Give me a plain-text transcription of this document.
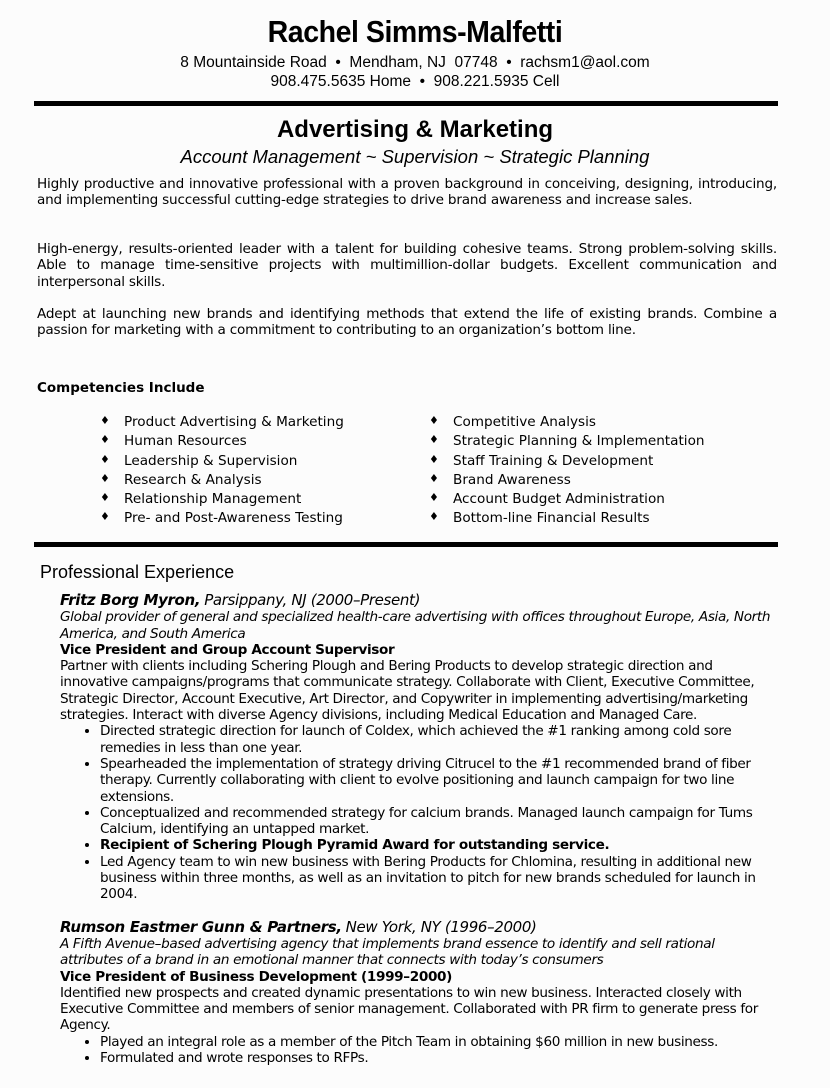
Rachel Simms-Malfetti
8 Mountainside Road  •  Mendham, NJ  07748  •  rachsm1@aol.com
908.475.5635 Home  •  908.221.5935 Cell
Advertising & Marketing
Account Management ~ Supervision ~ Strategic Planning

Highly productive and innovative professional with a proven background in conceiving, designing, introducing, and implementing successful cutting-edge strategies to drive brand awareness and increase sales.

High-energy, results-oriented leader with a talent for building cohesive teams. Strong problem-solving skills. Able to manage time-sensitive projects with multimillion-dollar budgets. Excellent communication and interpersonal skills.

Adept at launching new brands and identifying methods that extend the life of existing brands. Combine a passion for marketing with a commitment to contributing to an organization’s bottom line.

Competencies Include
♦ Product Advertising & Marketing
♦ Human Resources
♦ Leadership & Supervision
♦ Research & Analysis
♦ Relationship Management
♦ Pre- and Post-Awareness Testing
♦ Competitive Analysis
♦ Strategic Planning & Implementation
♦ Staff Training & Development
♦ Brand Awareness
♦ Account Budget Administration
♦ Bottom-line Financial Results
Professional Experience
Fritz Borg Myron, Parsippany, NJ (2000–Present)
Global provider of general and specialized health-care advertising with offices throughout Europe, Asia, North America, and South America
Vice President and Group Account Supervisor
Partner with clients including Schering Plough and Bering Products to develop strategic direction and innovative campaigns/programs that communicate strategy. Collaborate with Client, Executive Committee, Strategic Director, Account Executive, Art Director, and Copywriter in implementing advertising/marketing strategies. Interact with diverse Agency divisions, including Medical Education and Managed Care.
• Directed strategic direction for launch of Coldex, which achieved the #1 ranking among cold sore remedies in less than one year.
• Spearheaded the implementation of strategy driving Citrucel to the #1 recommended brand of fiber therapy. Currently collaborating with client to evolve positioning and launch campaign for two line extensions.
• Conceptualized and recommended strategy for calcium brands. Managed launch campaign for Tums Calcium, identifying an untapped market.
• Recipient of Schering Plough Pyramid Award for outstanding service.
• Led Agency team to win new business with Bering Products for Chlomina, resulting in additional new business within three months, as well as an invitation to pitch for new brands scheduled for launch in 2004.
Rumson Eastmer Gunn & Partners, New York, NY (1996–2000)
A Fifth Avenue–based advertising agency that implements brand essence to identify and sell rational attributes of a brand in an emotional manner that connects with today’s consumers
Vice President of Business Development (1999–2000)
Identified new prospects and created dynamic presentations to win new business. Interacted closely with Executive Committee and members of senior management. Collaborated with PR firm to generate press for Agency.
• Played an integral role as a member of the Pitch Team in obtaining $60 million in new business.
• Formulated and wrote responses to RFPs.
